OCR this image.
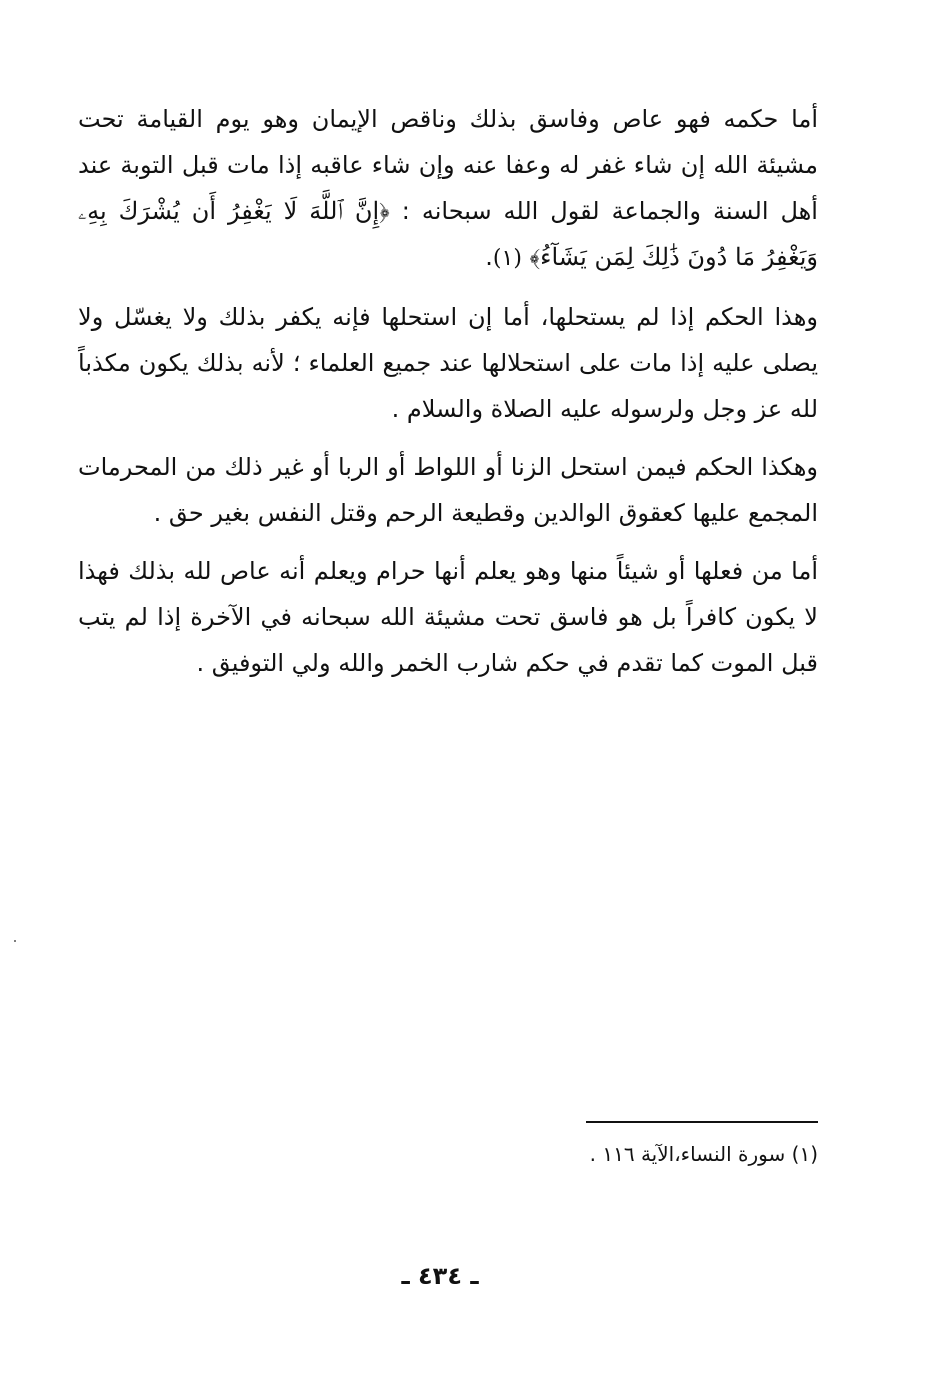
أما حكمه فهو عاص وفاسق بذلك وناقص الإيمان وهو يوم القيامة تحت مشيئة الله إن شاء غفر له وعفا عنه وإن شاء عاقبه إذا مات قبل التوبة عند أهل السنة والجماعة لقول الله سبحانه : ﴿إِنَّ ٱللَّهَ لَا يَغْفِرُ أَن يُشْرَكَ بِهِۦ وَيَغْفِرُ مَا دُونَ ذَٰلِكَ لِمَن يَشَآءُ﴾ (١).

وهذا الحكم إذا لم يستحلها، أما إن استحلها فإنه يكفر بذلك ولا يغسّل ولا يصلى عليه إذا مات على استحلالها عند جميع العلماء ؛ لأنه بذلك يكون مكذباً لله عز وجل ولرسوله عليه الصلاة والسلام .

وهكذا الحكم فيمن استحل الزنا أو اللواط أو الربا أو غير ذلك من المحرمات المجمع عليها كعقوق الوالدين وقطيعة الرحم وقتل النفس بغير حق .

أما من فعلها أو شيئاً منها وهو يعلم أنها حرام ويعلم أنه عاص لله بذلك فهذا لا يكون كافراً بل هو فاسق تحت مشيئة الله سبحانه في الآخرة إذا لم يتب قبل الموت كما تقدم في حكم شارب الخمر والله ولي التوفيق .

(١) سورة النساء،الآية ١١٦ .
ـ ٤٣٤ ـ
